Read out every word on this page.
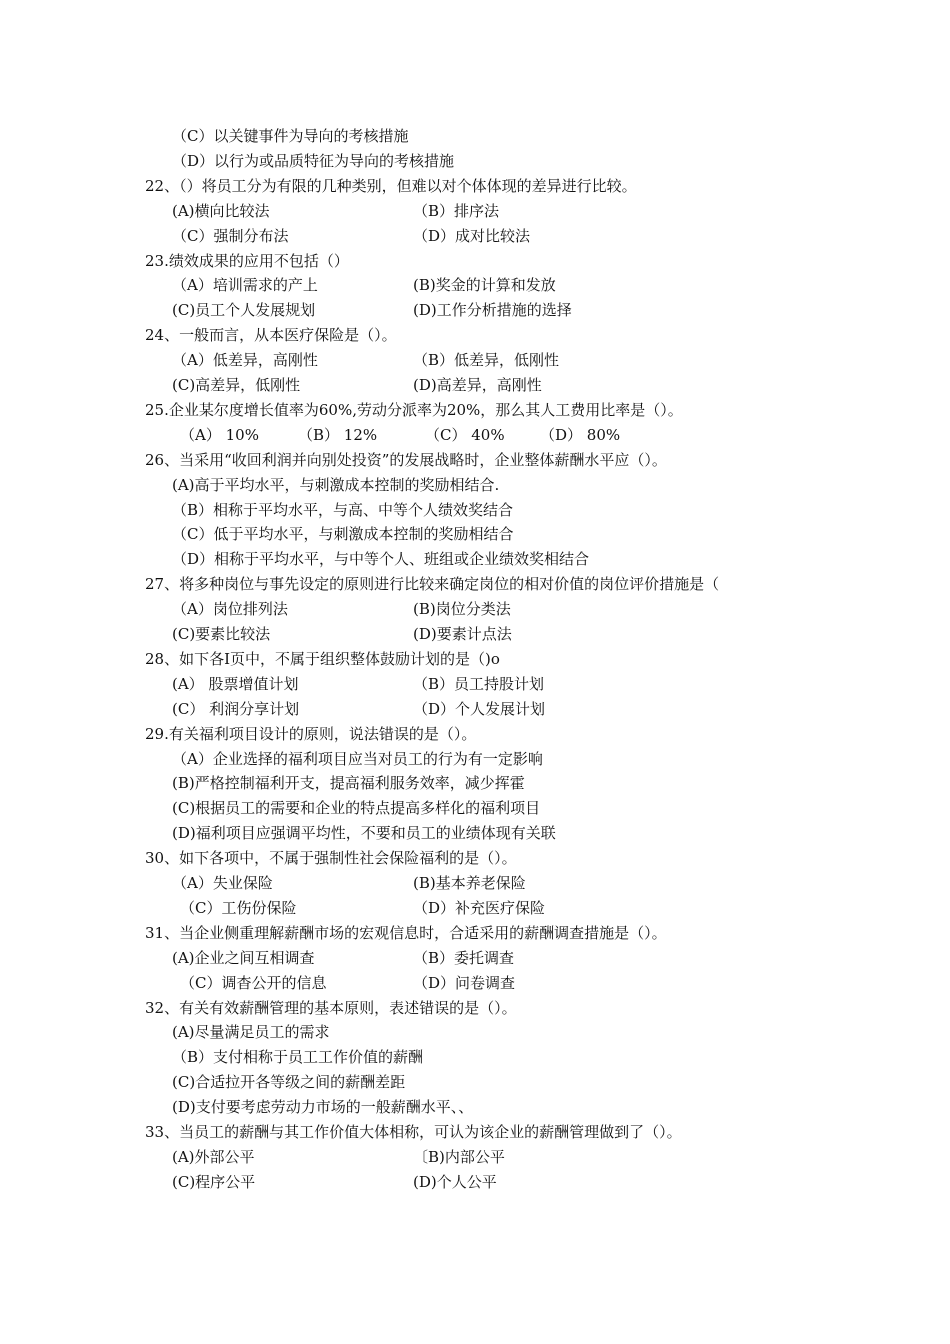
（C）以关键事件为导向的考核措施
（D）以行为或品质特征为导向的考核措施
22、（）将员工分为有限的几种类别，但难以对个体体现的差异进行比较。
(A)横向比较法	（B）排序法
（C）强制分布法	（D）成对比较法
23.绩效成果的应用不包括（）
（A）培训需求的产上	(B)奖金的计算和发放
(C)员工个人发展规划	(D)工作分析措施的选择
24、一般而言，从本医疗保险是（）。
（A）低差异，高刚性	（B）低差异，低刚性
(C)高差异，低刚性	(D)高差异，高刚性
25.企业某尔度增长值率为60%,劳动分派率为20%，那么其人工费用比率是（）。
（A） 10%	（B） 12%	（C） 40% （D） 80%
26、当采用“收回利润并向别处投资”的发展战略时，企业整体薪酬水平应（）。
(A)高于平均水平，与刺激成本控制的奖励相结合.
（B）相称于平均水平，与高、中等个人绩效奖结合
（C）低于平均水平，与刺激成本控制的奖励相结合
（D）相称于平均水平，与中等个人、班组或企业绩效奖相结合
27、将多种岗位与事先设定的原则进行比较来确定岗位的相对价值的岗位评价措施是（
（A）岗位排列法	(B)岗位分类法
(C)要素比较法	(D)要素计点法
28、如下各I页中，不属于组织整体鼓励计划的是（)o
(A） 股票增值计划	（B）员工持股计划
(C） 利润分享计划	（D）个人发展计划
29.有关福利项目设计的原则，说法错误的是（）。
（A）企业选择的福利项目应当对员工的行为有一定影响
(B)严格控制福利开支，提高福利服务效率，减少挥霍
(C)根据员工的需要和企业的特点提高多样化的福利项目
(D)福利项目应强调平均性，不要和员工的业绩体现有关联
30、如下各项中，不属于强制性社会保险福利的是（）。
（A）失业保险	(B)基本养老保险
（C）工伤份保险	（D）补充医疗保险
31、当企业侧重理解薪酬市场的宏观信息时，合适采用的薪酬调查措施是（）。
(A)企业之间互相调查	（B）委托调查
（C）调杳公开的信息	（D）问卷调查
32、有关有效薪酬管理的基本原则，表述错误的是（）。
(A)尽量满足员工的需求
（B）支付相称于员工工作价值的薪酬
(C)合适拉开各等级之间的薪酬差距
(D)支付要考虑劳动力市场的一般薪酬水平、、
33、当员工的薪酬与其工作价值大体相称，可认为该企业的薪酬管理做到了（）。
(A)外部公平	〔B)内部公平
(C)程序公平	(D)个人公平
